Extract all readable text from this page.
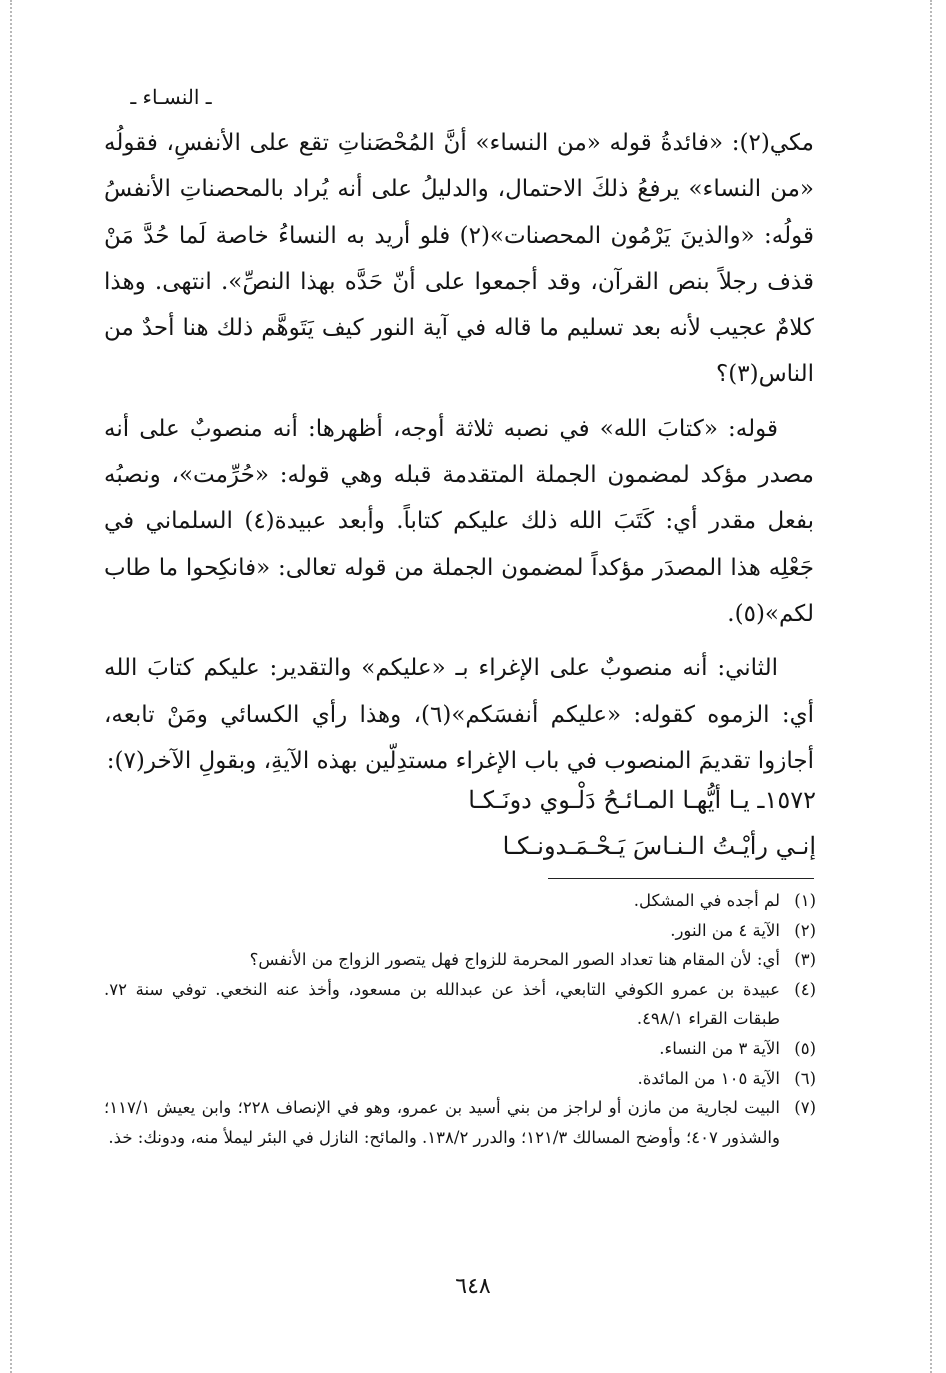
ـ النسـاء ـ

مكي(٢): «فائدةُ قوله «من النساء» أنَّ المُحْصَناتِ تقع على الأنفسِ، فقولُه «من النساء» يرفعُ ذلكَ الاحتمال، والدليلُ على أنه يُراد بالمحصناتِ الأنفسُ قولُه: «والذينَ يَرْمُون المحصنات»(٢) فلو أريد به النساءُ خاصة لَما حُدَّ مَنْ قذف رجلاً بنص القرآن، وقد أجمعوا على أنّ حَدَّه بهذا النصِّ». انتهى. وهذا كلامٌ عجيب لأنه بعد تسليم ما قاله في آية النور كيف يَتَوهَّم ذلك هنا أحدٌ من الناس(٣)؟

قوله: «كتابَ الله» في نصبه ثلاثة أوجه، أظهرها: أنه منصوبٌ على أنه مصدر مؤكد لمضمون الجملة المتقدمة قبله وهي قوله: «حُرِّمت»، ونصبُه بفعل مقدر أي: كَتَبَ الله ذلك عليكم كتاباً. وأبعد عبيدة(٤) السلماني في جَعْلِه هذا المصدَر مؤكداً لمضمون الجملة من قوله تعالى: «فانكِحوا ما طاب لكم»(٥).

الثاني: أنه منصوبٌ على الإغراء بـ «عليكم» والتقدير: عليكم كتابَ الله أي: الزموه كقوله: «عليكم أنفسَكم»(٦)، وهذا رأي الكسائي ومَنْ تابعه، أجازوا تقديمَ المنصوب في باب الإغراء مستدِلّين بهذه الآيةِ، وبقولِ الآخر(٧):

١٥٧٢ـ يـا أيُّهـا المـائـحُ دَلْـوي دونَـكـا
إنـي رأيْـتُ الـنـاسَ يَـحْـمَـدونـكـا
(١)
لم أجده في المشكل.
(٢)
الآية ٤ من النور.
(٣)
أي: لأن المقام هنا تعداد الصور المحرمة للزواج فهل يتصور الزواج من الأنفس؟
(٤)
عبيدة بن عمرو الكوفي التابعي، أخذ عن عبدالله بن مسعود، وأخذ عنه النخعي. توفي سنة ٧٢. طبقات القراء ٤٩٨/١.
(٥)
الآية ٣ من النساء.
(٦)
الآية ١٠٥ من المائدة.
(٧)
البيت لجارية من مازن أو لراجز من بني أسيد بن عمرو، وهو في الإنصاف ٢٢٨؛ وابن يعيش ١١٧/١؛ والشذور ٤٠٧؛ وأوضح المسالك ١٢١/٣؛ والدرر ١٣٨/٢. والمائح: النازل في البئر ليملأ منه، ودونك: خذ.
٦٤٨
